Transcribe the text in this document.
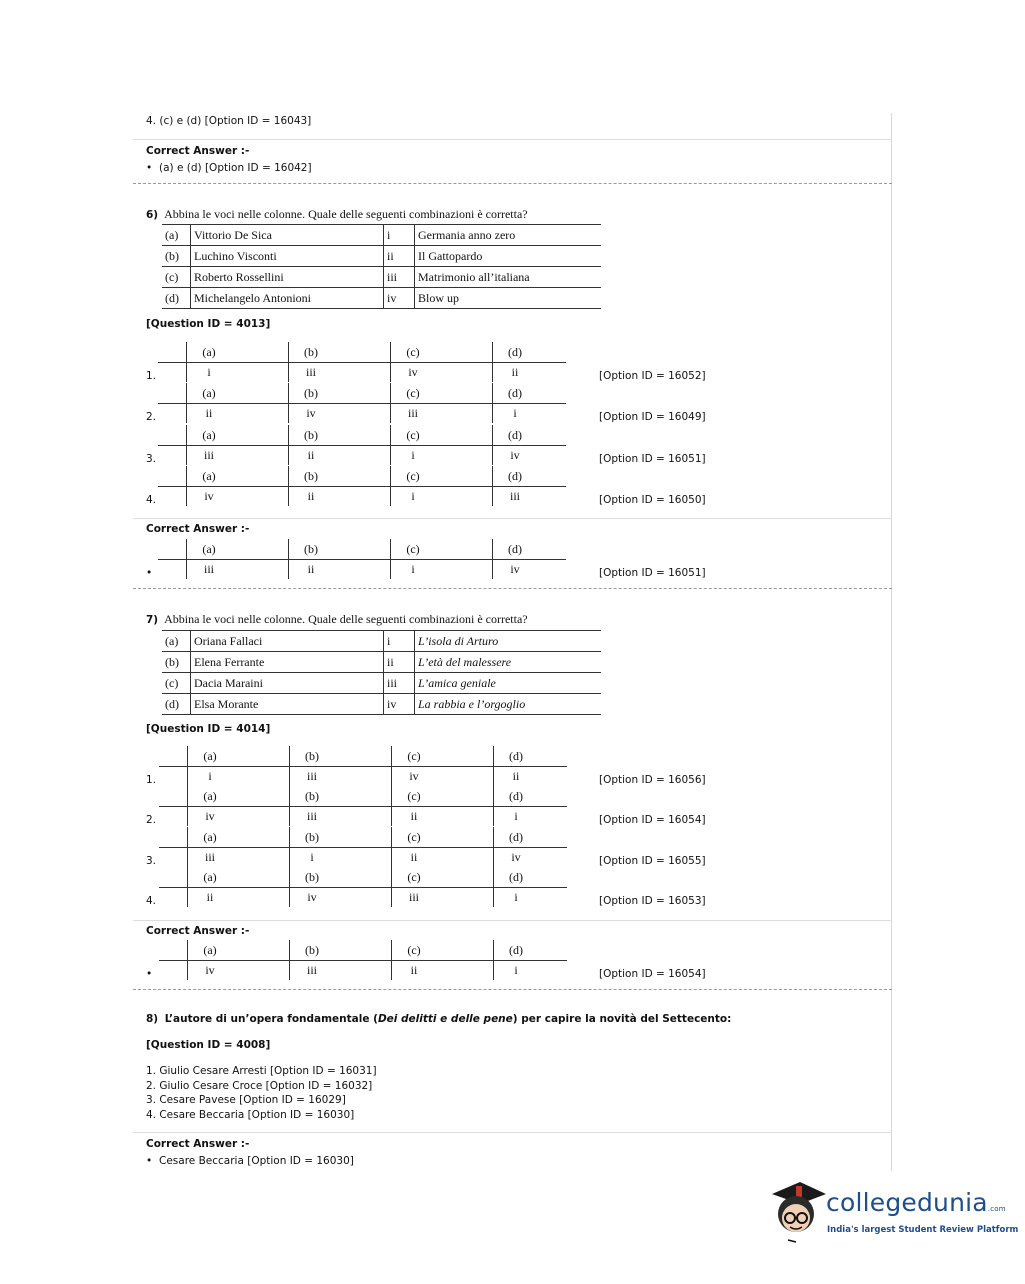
4. (c) e (d) [Option ID = 16043]
Correct Answer :-
• (a) e (d) [Option ID = 16042]
6) Abbina le voci nelle colonne. Quale delle seguenti combinazioni è corretta?
(a)	Vittorio De Sica	i	Germania anno zero
(b)	Luchino Visconti	ii	Il Gattopardo
(c)	Roberto Rossellini	iii	Matrimonio all’italiana
(d)	Michelangelo Antonioni	iv	Blow up
[Question ID = 4013]
(a)	(b)	(c)	(d)
i	iii	iv	ii
1.	[Option ID = 16052]
(a)	(b)	(c)	(d)
ii	iv	iii	i
2.	[Option ID = 16049]
(a)	(b)	(c)	(d)
iii	ii	i	iv
3.	[Option ID = 16051]
(a)	(b)	(c)	(d)
iv	ii	i	iii
4.	[Option ID = 16050]
Correct Answer :-
(a)	(b)	(c)	(d)
iii	ii	i	iv
•	[Option ID = 16051]
7) Abbina le voci nelle colonne. Quale delle seguenti combinazioni è corretta?
(a)	Oriana Fallaci	i	L’isola di Arturo
(b)	Elena Ferrante	ii	L’età del malessere
(c)	Dacia Maraini	iii	L’amica geniale
(d)	Elsa Morante	iv	La rabbia e l’orgoglio
[Question ID = 4014]
(a)	(b)	(c)	(d)
i	iii	iv	ii
1.	[Option ID = 16056]
(a)	(b)	(c)	(d)
iv	iii	ii	i
2.	[Option ID = 16054]
(a)	(b)	(c)	(d)
iii	i	ii	iv
3.	[Option ID = 16055]
(a)	(b)	(c)	(d)
ii	iv	iii	i
4.	[Option ID = 16053]
Correct Answer :-
(a)	(b)	(c)	(d)
iv	iii	ii	i
•	[Option ID = 16054]
8) L’autore di un’opera fondamentale (Dei delitti e delle pene) per capire la novità del Settecento:
[Question ID = 4008]
1. Giulio Cesare Arresti [Option ID = 16031]
2. Giulio Cesare Croce [Option ID = 16032]
3. Cesare Pavese [Option ID = 16029]
4. Cesare Beccaria [Option ID = 16030]
Correct Answer :-
• Cesare Beccaria [Option ID = 16030]
collegedunia.com
India's largest Student Review Platform
